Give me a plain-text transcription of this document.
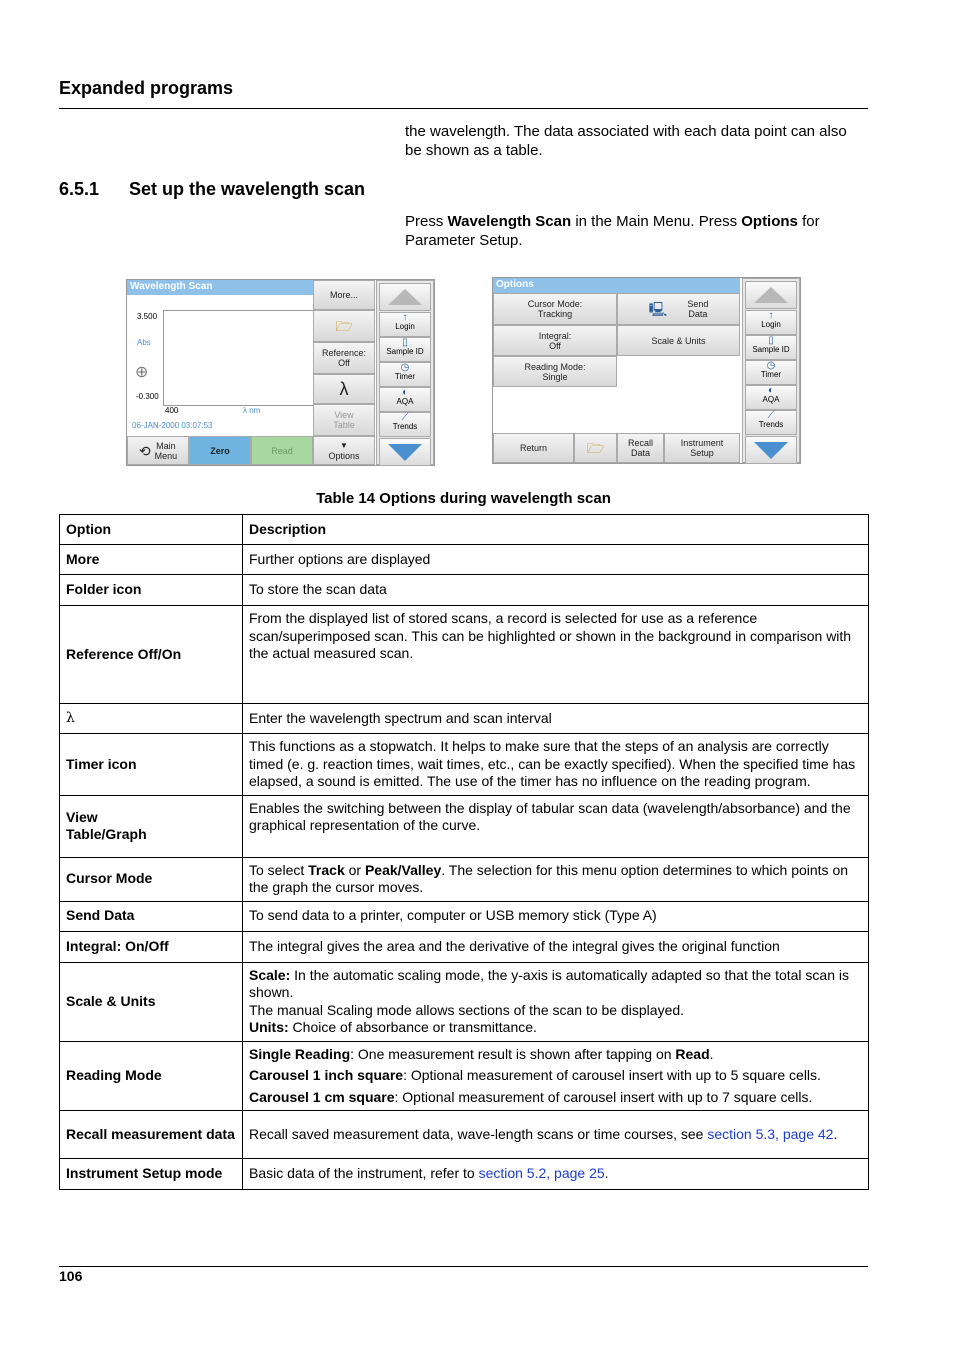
Expanded programs
the wavelength. The data associated with each data point can also be shown as a table.
6.5.1 Set up the wavelength scan
Press Wavelength Scan in the Main Menu. Press Options for Parameter Setup.
Wavelength Scan
3.500
Abs
⊕
-0.300
400	λ nm
06-JAN-2000 03:07:53
More...
🗁
Reference:
Off
λ
View
Table
▼
Options
⟲ Main
Menu	Zero	Read
↑
Login
▯
Sample ID
◷
Timer
◐
AQA
⟋
Trends
Options
Cursor Mode:
Tracking	🖳 Send
Data
Integral:
Off	Scale & Units
Reading Mode:
Single
Return	🗁	Recall
Data
Instrument
Setup
↑
Login
▯
Sample ID
◷
Timer
◐
AQA
⟋
Trends
Table 14 Options during wavelength scan
Option	Description
More	Further options are displayed
Folder icon	To store the scan data
Reference Off/On	From the displayed list of stored scans, a record is selected for use as a reference scan/superimposed scan. This can be highlighted or shown in the background in comparison with the actual measured scan.
λ	Enter the wavelength spectrum and scan interval
Timer icon	This functions as a stopwatch. It helps to make sure that the steps of an analysis are correctly timed (e. g. reaction times, wait times, etc., can be exactly specified). When the specified time has elapsed, a sound is emitted. The use of the timer has no influence on the reading program.
View
Table/Graph	Enables the switching between the display of tabular scan data (wavelength/absorbance) and the graphical representation of the curve.
Cursor Mode	To select Track or Peak/Valley. The selection for this menu option determines to which points on the graph the cursor moves.
Send Data	To send data to a printer, computer or USB memory stick (Type A)
Integral: On/Off	The integral gives the area and the derivative of the integral gives the original function
Scale & Units	Scale: In the automatic scaling mode, the y-axis is automatically adapted so that the total scan is shown.
The manual Scaling mode allows sections of the scan to be displayed.
Units: Choice of absorbance or transmittance.
Reading Mode	Single Reading: One measurement result is shown after tapping on Read.

Carousel 1 inch square: Optional measurement of carousel insert with up to 5 square cells.

Carousel 1 cm square: Optional measurement of carousel insert with up to 7 square cells.

Recall measurement data	Recall saved measurement data, wave-length scans or time courses, see section 5.3, page 42.
Instrument Setup mode	Basic data of the instrument, refer to section 5.2, page 25.
106
